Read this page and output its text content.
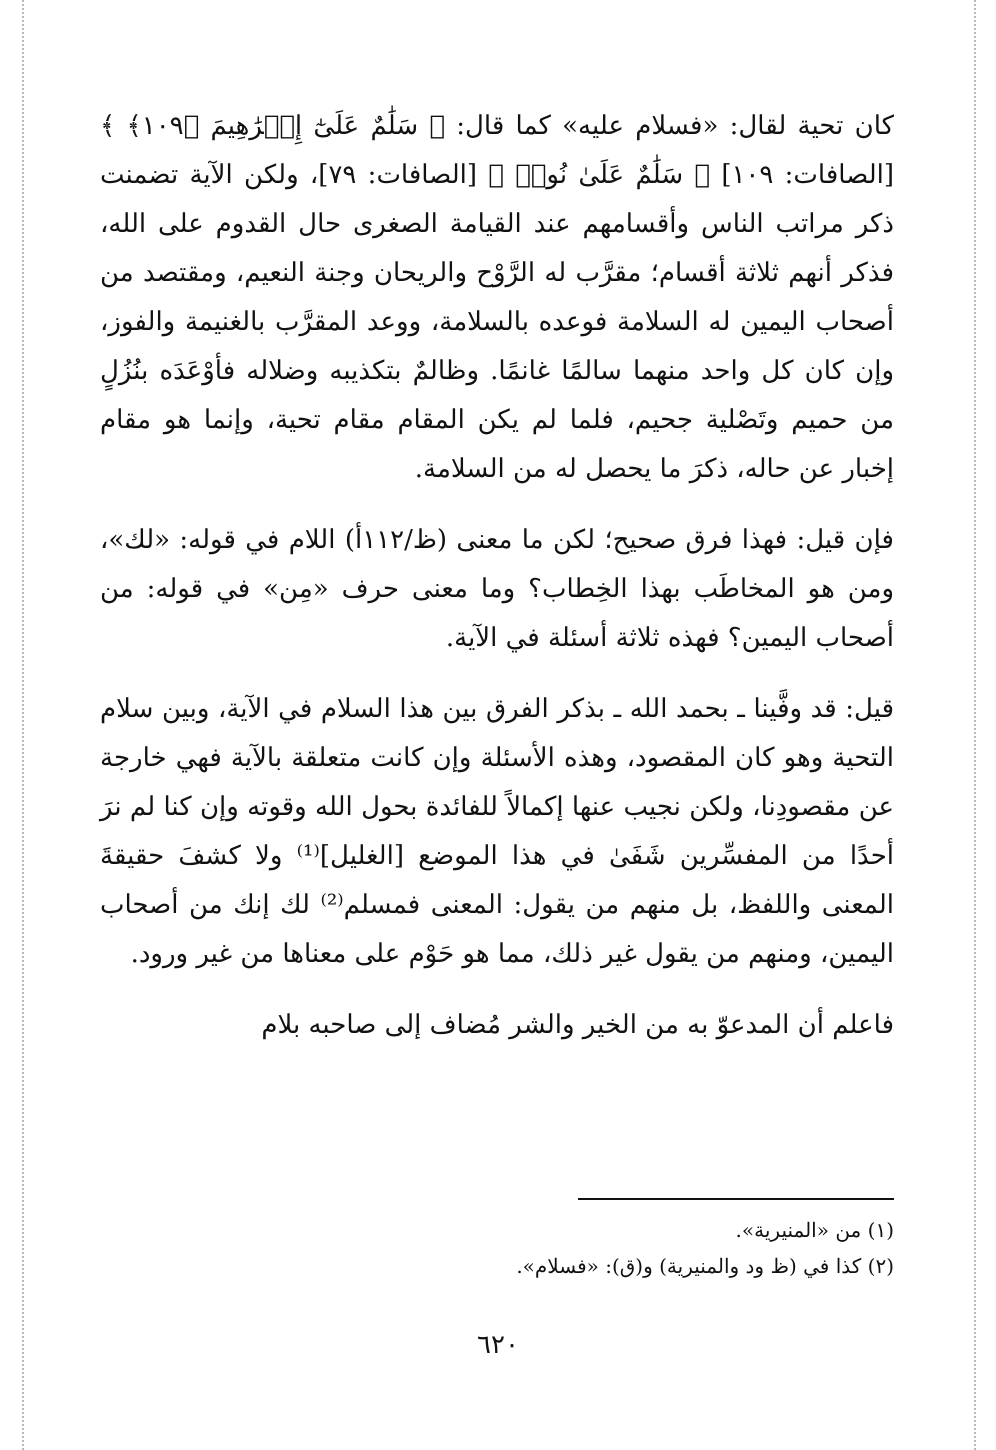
كان تحية لقال: «فسلام عليه» كما قال: ﴿ سَلَٰمٌ عَلَىٰٓ إِبۡرَٰهِيمَ ﴿١٠٩﴾ ﴾ [الصافات: ١٠٩] ﴿ سَلَٰمٌ عَلَىٰ نُوحٖ ﴾ [الصافات: ٧٩]، ولكن الآية تضمنت ذكر مراتب الناس وأقسامهم عند القيامة الصغرى حال القدوم على الله، فذكر أنهم ثلاثة أقسام؛ مقرَّب له الرَّوْح والريحان وجنة النعيم، ومقتصد من أصحاب اليمين له السلامة فوعده بالسلامة، ووعد المقرَّب بالغنيمة والفوز، وإن كان كل واحد منهما سالمًا غانمًا. وظالمٌ بتكذيبه وضلاله فأوْعَدَه بنُزُلٍ من حميم وتَصْلية جحيم، فلما لم يكن المقام مقام تحية، وإنما هو مقام إخبار عن حاله، ذكرَ ما يحصل له من السلامة.

فإن قيل: فهذا فرق صحيح؛ لكن ما معنى (ظ/١١٢أ) اللام في قوله: «لك»، ومن هو المخاطَب بهذا الخِطاب؟ وما معنى حرف «مِن» في قوله: من أصحاب اليمين؟ فهذه ثلاثة أسئلة في الآية.

قيل: قد وفَّينا ـ بحمد الله ـ بذكر الفرق بين هذا السلام في الآية، وبين سلام التحية وهو كان المقصود، وهذه الأسئلة وإن كانت متعلقة بالآية فهي خارجة عن مقصودِنا، ولكن نجيب عنها إكمالاً للفائدة بحول الله وقوته وإن كنا لم نرَ أحدًا من المفسِّرين شَفَىٰ في هذا الموضع [الغليل]⁽¹⁾ ولا كشفَ حقيقةَ المعنى واللفظ، بل منهم من يقول: المعنى فمسلم⁽²⁾ لك إنك من أصحاب اليمين، ومنهم من يقول غير ذلك، مما هو حَوْم على معناها من غير ورود.

فاعلم أن المدعوّ به من الخير والشر مُضاف إلى صاحبه بلام

(١) من «المنيرية».

(٢) كذا في (ظ ود والمنيرية) و(ق): «فسلام».

٦٢٠
